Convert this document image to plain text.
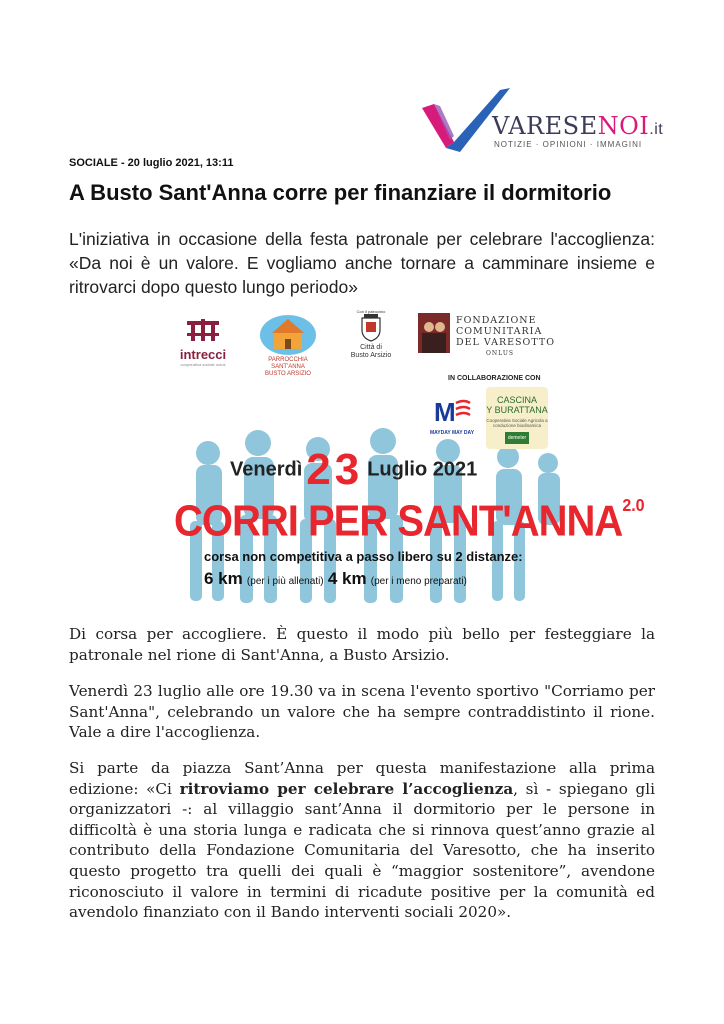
VARESENOI.it
NOTIZIE · OPINIONI · IMMAGINI
SOCIALE - 20 luglio 2021, 13:11
A Busto Sant'Anna corre per finanziare il dormitorio

L'iniziativa in occasione della festa patronale per celebrare l'accoglienza: «Da noi è un valore. E vogliamo anche tornare a camminare insieme e ritrovarci dopo questo lungo periodo»

intrecci
cooperativa sociale onlus
PARROCCHIA SANT'ANNA
BUSTO ARSIZIO
Con il patrocinio
Città di
Busto Arsizio
FONDAZIONE
COMUNITARIA
DEL VARESOTTO
ONLUS
IN COLLABORAZIONE CON
M
MAYDAY MAY DAY
CASCINA
Y BURATTANA
Cooperativa Sociale Agricola a conduzione biodinamica
demeter
Venerdì23 Luglio 2021
CORRI PER $SANT'ANNA^{2.0}$
corsa non competitiva a passo libero su 2 distanze:
6 km (per i più allenati) 4 km (per i meno preparati)

Di corsa per accogliere. È questo il modo più bello per festeggiare la patronale nel rione di Sant'Anna, a Busto Arsizio.

Venerdì 23 luglio alle ore 19.30 va in scena l'evento sportivo "Corriamo per Sant'Anna", celebrando un valore che ha sempre contraddistinto il rione. Vale a dire l'accoglienza.

Si parte da piazza Sant’Anna per questa manifestazione alla prima edizione: «Ci ritroviamo per celebrare l’accoglienza, sì - spiegano gli organizzatori -: al villaggio sant’Anna il dormitorio per le persone in difficoltà è una storia lunga e radicata che si rinnova quest’anno grazie al contributo della Fondazione Comunitaria del Varesotto, che ha inserito questo progetto tra quelli dei quali è “maggior sostenitore”, avendone riconosciuto il valore in termini di ricadute positive per la comunità ed avendolo finanziato con il Bando interventi sociali 2020».
